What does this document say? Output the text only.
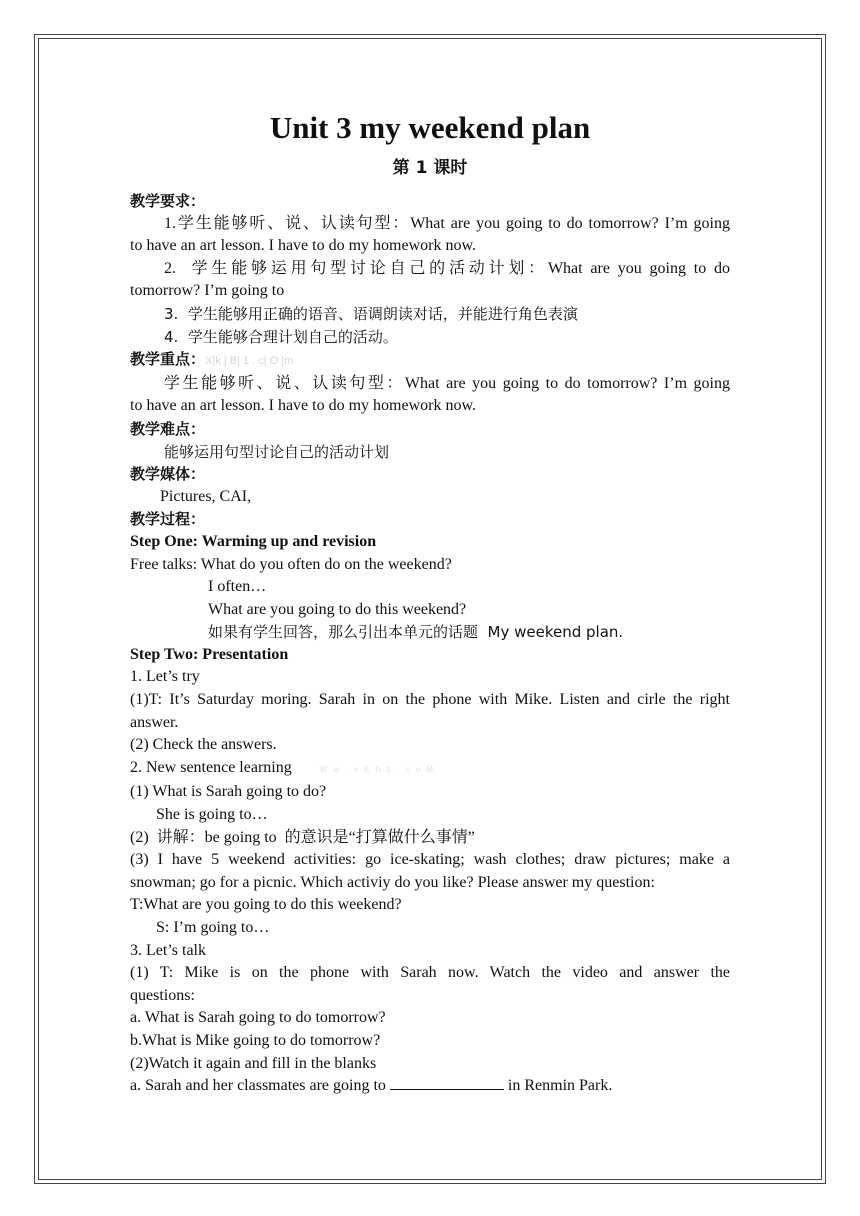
Unit 3 my weekend plan

第 1 课时

教学要求：

1.学生能够听、说、认读句型：What are you going to do tomorrow? I’m going

to have an art lesson. I have to do my homework now.

2.  学生能够运用句型讨论自己的活动计划：What are you going to do

tomorrow? I’m going to

3.  学生能够用正确的语音、语调朗读对话，并能进行角色表演

4.  学生能够合理计划自己的活动。

教学重点：X|k | B| 1 . c| O |m

学生能够听、说、认读句型：What are you going to do tomorrow? I’m going

to have an art lesson. I have to do my homework now.

教学难点：

能够运用句型讨论自己的活动计划

教学媒体：

Pictures, CAI,

教学过程：

Step One: Warming up and revision

Free talks: What do you often do on the weekend?

I often…

What are you going to do this weekend?

如果有学生回答，那么引出本单元的话题  My weekend plan.

Step Two: Presentation

1. Let’s try

(1)T: It’s Saturday moring. Sarah in on the phone with Mike. Listen and cirle the right

answer.

(2) Check the answers.

2. New sentence learning	W w . x K b 1 . c o M

(1) What is Sarah going to do?

She is going to…

(2)  讲解：be going to  的意识是“打算做什么事情”

(3) I have 5 weekend activities: go ice-skating; wash clothes; draw pictures; make a

snowman; go for a picnic. Which activiy do you like? Please answer my question:

T:What are you going to do this weekend?

S: I’m going to…

3. Let’s talk

(1)  T:  Mike  is  on  the  phone  with  Sarah  now.  Watch  the  video  and  answer  the

questions:

a. What is Sarah going to do tomorrow?

b.What is Mike going to do tomorrow?

(2)Watch it again and fill in the blanks

a. Sarah and her classmates are going to	in Renmin Park.
